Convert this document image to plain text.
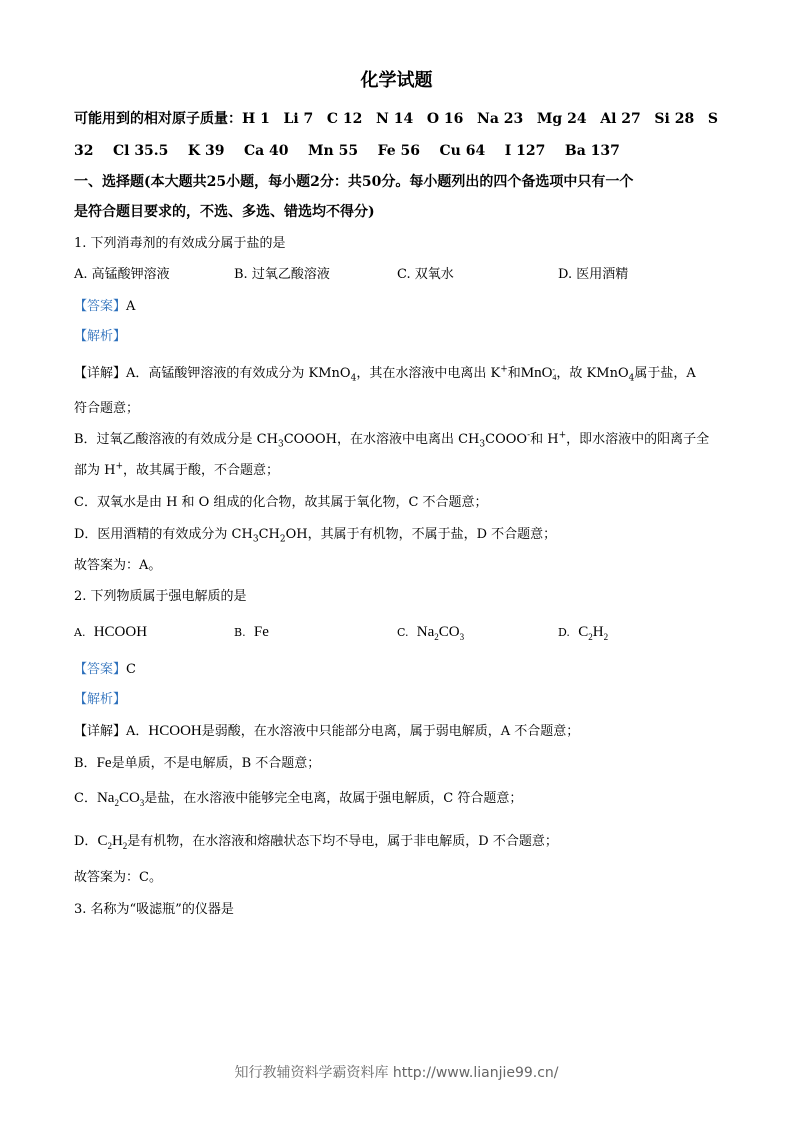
化学试题
可能用到的相对原子质量：H 1 Li 7 C 12 N 14 O 16 Na 23 Mg 24 Al 27 Si 28 S
32 Cl 35.5 K 39 Ca 40 Mn 55 Fe 56 Cu 64 I 127 Ba 137
一、选择题(本大题共25小题，每小题2分：共50分。每小题列出的四个备选项中只有一个
是符合题目要求的，不选、多选、错选均不得分)
1. 下列消毒剂的有效成分属于盐的是
A. 高锰酸钾溶液	B. 过氧乙酸溶液	C. 双氧水	D. 医用酒精
【答案】A
【解析】
【详解】A．高锰酸钾溶液的有效成分为 KMnO$_4$，其在水溶液中电离出 K+和MnO -
4 ，故 KMnO$_4$属于盐，A
符合题意；
B．过氧乙酸溶液的有效成分是 $CH_3COOOH$，在水溶液中电离出 $CH_3COOO^-$和 H+，即水溶液中的阳离子全
部为 H+，故其属于酸，不合题意；
C．双氧水是由 H 和 O 组成的化合物，故其属于氧化物，C 不合题意；
D．医用酒精的有效成分为 $CH_3CH_2OH$，其属于有机物，不属于盐，D 不合题意；
故答案为：A。
2. 下列物质属于强电解质的是
A. HCOOH	B. Fe	C. $Na_2CO_3$	D. $C_2H_2$
【答案】C
【解析】
【详解】A．HCOOH是弱酸，在水溶液中只能部分电离，属于弱电解质，A 不合题意；
B．Fe是单质，不是电解质，B 不合题意；
C．$Na_2CO_3$是盐，在水溶液中能够完全电离，故属于强电解质，C 符合题意；
D．$C_2H_2$是有机物，在水溶液和熔融状态下均不导电，属于非电解质，D 不合题意；
故答案为：C。
3. 名称为“吸滤瓶”的仪器是
知行教辅资料学霸资料库 http://www.lianjie99.cn/
